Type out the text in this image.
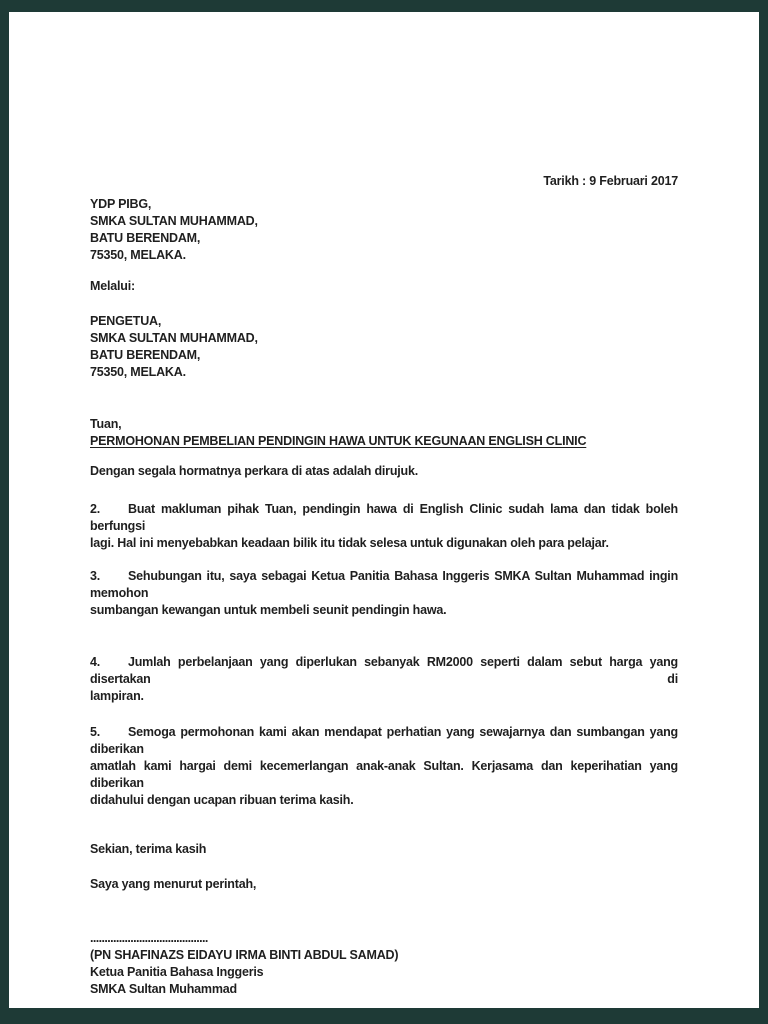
Tarikh : 9 Februari 2017
YDP PIBG,
SMKA SULTAN MUHAMMAD,
BATU BERENDAM,
75350, MELAKA.
Melalui:
PENGETUA,
SMKA SULTAN MUHAMMAD,
BATU BERENDAM,
75350, MELAKA.
Tuan,
PERMOHONAN PEMBELIAN PENDINGIN HAWA UNTUK KEGUNAAN ENGLISH CLINIC
Dengan segala hormatnya perkara di atas adalah dirujuk.
2. Buat makluman pihak Tuan, pendingin hawa di English Clinic sudah lama dan tidak boleh berfungsi
lagi. Hal ini menyebabkan keadaan bilik itu tidak selesa untuk digunakan oleh para pelajar.
3. Sehubungan itu, saya sebagai Ketua Panitia Bahasa Inggeris SMKA Sultan Muhammad ingin memohon
sumbangan kewangan untuk membeli seunit pendingin hawa.
4. Jumlah perbelanjaan yang diperlukan sebanyak RM2000 seperti dalam sebut harga yang disertakan di
lampiran.
5. Semoga permohonan kami akan mendapat perhatian yang sewajarnya dan sumbangan yang diberikan
amatlah kami hargai demi kecemerlangan anak-anak Sultan. Kerjasama dan keperihatian yang diberikan
didahului dengan ucapan ribuan terima kasih.
Sekian, terima kasih
Saya yang menurut perintah,
.........................................
(PN SHAFINAZS EIDAYU IRMA BINTI ABDUL SAMAD)
Ketua Panitia Bahasa Inggeris
SMKA Sultan Muhammad
